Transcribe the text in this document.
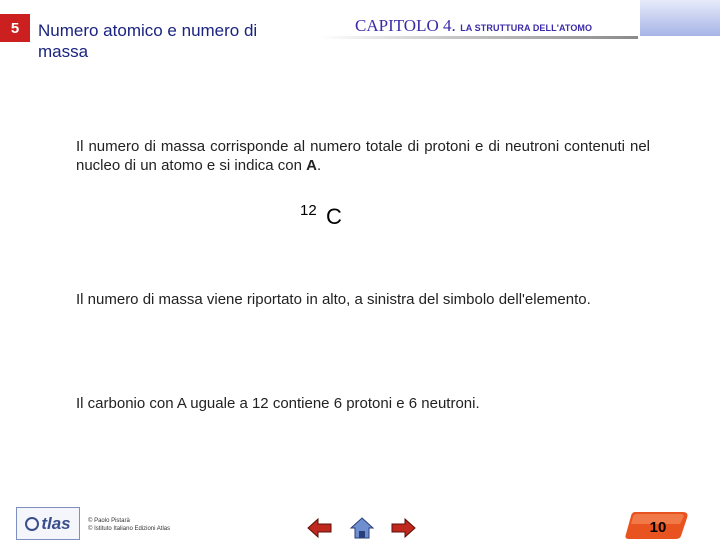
5	Numero atomico e numero di massa
CAPITOLO 4. LA STRUTTURA DELL'ATOMO
Il numero di massa corrisponde al numero totale di protoni e di neutroni contenuti nel nucleo di un atomo e si indica con A.
12 C
Il numero di massa viene riportato in alto, a sinistra del simbolo dell'elemento.
Il carbonio con A uguale a 12 contiene 6 protoni e 6 neutroni.
tlas	© Paolo Pistarà
© Istituto Italiano Edizioni Atlas	10
